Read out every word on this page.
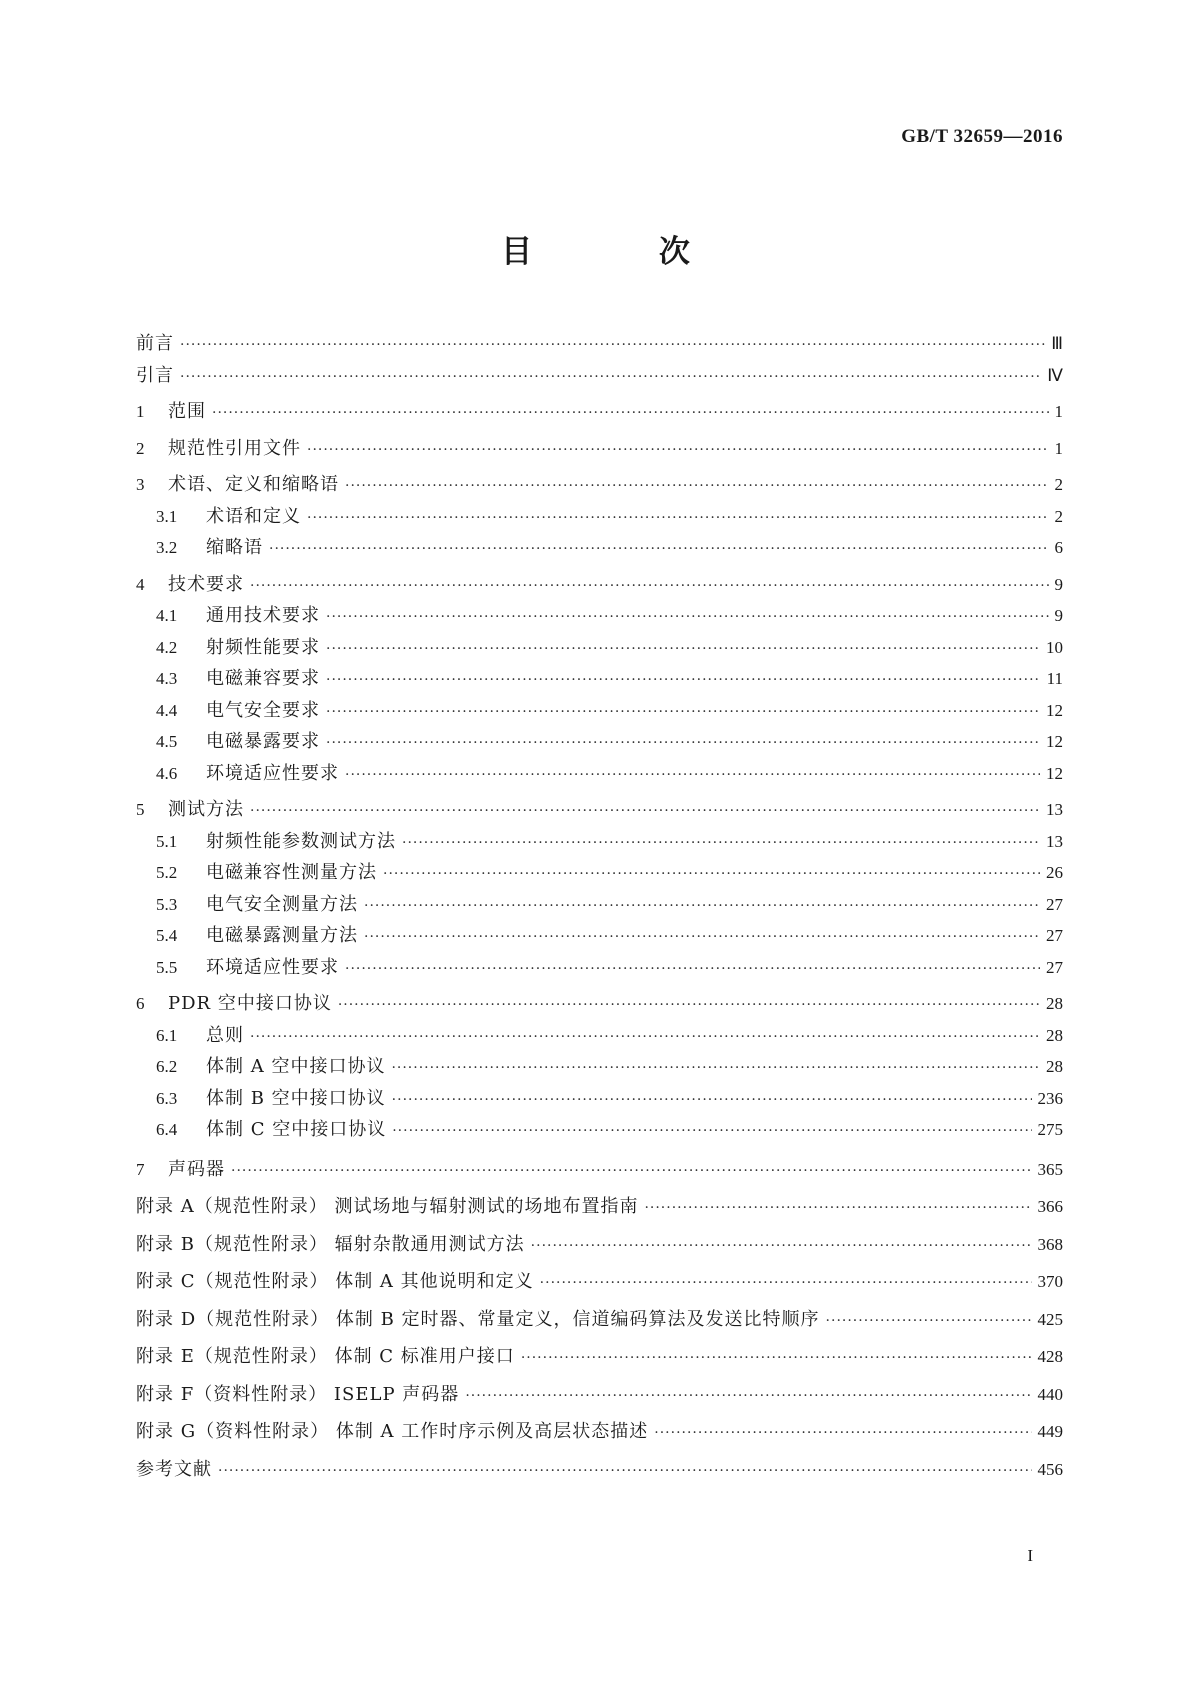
GB/T 32659—2016
目 次
前言 ·····	Ⅲ
引言 ·····	Ⅳ
1	范围 ·····	1
2	规范性引用文件 ·····	1
3	术语、定义和缩略语 ·····	2
3.1	术语和定义 ·····	2
3.2	缩略语 ·····	6
4	技术要求 ·····	9
4.1	通用技术要求 ·····	9
4.2	射频性能要求 ·····	10
4.3	电磁兼容要求 ·····	11
4.4	电气安全要求 ·····	12
4.5	电磁暴露要求 ·····	12
4.6	环境适应性要求 ·····	12
5	测试方法 ·····	13
5.1	射频性能参数测试方法 ·····	13
5.2	电磁兼容性测量方法 ·····	26
5.3	电气安全测量方法 ·····	27
5.4	电磁暴露测量方法 ·····	27
5.5	环境适应性要求 ·····	27
6	PDR 空中接口协议 ·····	28
6.1	总则 ·····	28
6.2	体制 A 空中接口协议 ·····	28
6.3	体制 B 空中接口协议 ·····	236
6.4	体制 C 空中接口协议 ·····	275
7	声码器 ·····	365
附录 A（规范性附录） 测试场地与辐射测试的场地布置指南 ·····	366
附录 B（规范性附录） 辐射杂散通用测试方法 ·····	368
附录 C（规范性附录） 体制 A 其他说明和定义 ·····	370
附录 D（规范性附录） 体制 B 定时器、常量定义，信道编码算法及发送比特顺序 ·····	425
附录 E（规范性附录） 体制 C 标准用户接口 ·····	428
附录 F（资料性附录） ISELP 声码器 ·····	440
附录 G（资料性附录） 体制 A 工作时序示例及高层状态描述 ·····	449
参考文献 ·····	456
I
